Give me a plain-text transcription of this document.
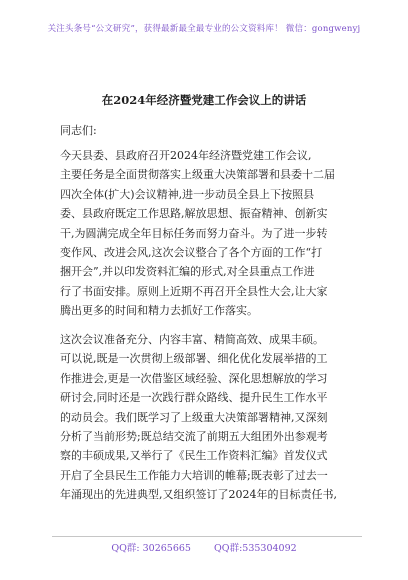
关注头条号“公文研究”，获得最新最全最专业的公文资料库！ 微信：gongwenyj
在2024年经济暨党建工作会议上的讲话
同志们:
今天县委、县政府召开2024年经济暨党建工作会议,
主要任务是全面贯彻落实上级重大决策部署和县委十二届
四次全体(扩大)会议精神,进一步动员全县上下按照县
委、县政府既定工作思路,解放思想、振奋精神、创新实
干,为圆满完成全年目标任务而努力奋斗。为了进一步转
变作风、改进会风,这次会议整合了各个方面的工作“打
捆开会”,并以印发资料汇编的形式,对全县重点工作进
行了书面安排。原则上近期不再召开全县性大会,让大家
腾出更多的时间和精力去抓好工作落实。
这次会议准备充分、内容丰富、精简高效、成果丰硕。
可以说,既是一次贯彻上级部署、细化优化发展举措的工
作推进会,更是一次借鉴区域经验、深化思想解放的学习
研讨会,同时还是一次践行群众路线、提升民生工作水平
的动员会。我们既学习了上级重大决策部署精神,又深刻
分析了当前形势;既总结交流了前期五大组团外出参观考
察的丰硕成果,又举行了《民生工作资料汇编》首发仪式
开启了全县民生工作能力大培训的帷幕;既表彰了过去一
年涌现出的先进典型,又组织签订了2024年的目标责任书,
QQ群: 30265665 QQ群:535304092
